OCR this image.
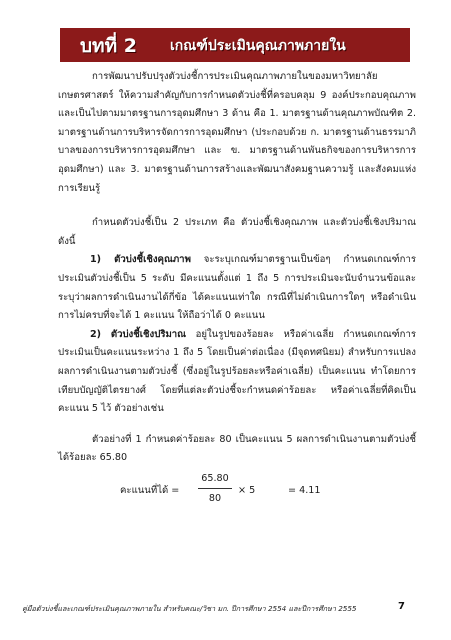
บทที่ 2 เกณฑ์ประเมินคุณภาพภายใน

การพัฒนาปรับปรุงตัวบ่งชี้การประเมินคุณภาพภายในของมหาวิทยาลัยเกษตรศาสตร์ ให้ความสำคัญกับการกำหนดตัวบ่งชี้ที่ครอบคลุม 9 องค์ประกอบคุณภาพ และเป็นไปตามมาตรฐานการอุดมศึกษา 3 ด้าน คือ 1. มาตรฐานด้านคุณภาพบัณฑิต 2. มาตรฐานด้านการบริหารจัดการการอุดมศึกษา (ประกอบด้วย ก. มาตรฐานด้านธรรมาภิบาลของการบริหารการอุดมศึกษา และ ข. มาตรฐานด้านพันธกิจของการบริหารการอุดมศึกษา) และ 3. มาตรฐานด้านการสร้างและพัฒนาสังคมฐานความรู้ และสังคมแห่งการเรียนรู้

กำหนดตัวบ่งชี้เป็น 2 ประเภท คือ ตัวบ่งชี้เชิงคุณภาพ และตัวบ่งชี้เชิงปริมาณ ดังนี้

1) ตัวบ่งชี้เชิงคุณภาพ จะระบุเกณฑ์มาตรฐานเป็นข้อๆ กำหนดเกณฑ์การประเมินตัวบ่งชี้เป็น 5 ระดับ มีคะแนนตั้งแต่ 1 ถึง 5 การประเมินจะนับจำนวนข้อและระบุว่าผลการดำเนินงานได้กี่ข้อ ได้คะแนนเท่าใด กรณีที่ไม่ดำเนินการใดๆ หรือดำเนินการไม่ครบที่จะได้ 1 คะแนน ให้ถือว่าได้ 0 คะแนน

2) ตัวบ่งชี้เชิงปริมาณ อยู่ในรูปของร้อยละ หรือค่าเฉลี่ย กำหนดเกณฑ์การประเมินเป็นคะแนนระหว่าง 1 ถึง 5 โดยเป็นค่าต่อเนื่อง (มีจุดทศนิยม) สำหรับการแปลงผลการดำเนินงานตามตัวบ่งชี้ (ซึ่งอยู่ในรูปร้อยละหรือค่าเฉลี่ย) เป็นคะแนน ทำโดยการเทียบบัญญัติไตรยางศ์ โดยที่แต่ละตัวบ่งชี้จะกำหนดค่าร้อยละ หรือค่าเฉลี่ยที่คิดเป็นคะแนน 5 ไว้ ตัวอย่างเช่น

ตัวอย่างที่ 1 กำหนดค่าร้อยละ 80 เป็นคะแนน 5 ผลการดำเนินงานตามตัวบ่งชี้ได้ร้อยละ 65.80

คะแนนที่ได้ =
65.80
80
× 5	= 4.11
คู่มือตัวบ่งชี้และเกณฑ์ประเมินคุณภาพภายใน สำหรับคณะ/วิชา มก. ปีการศึกษา 2554 และปีการศึกษา 2555	7
